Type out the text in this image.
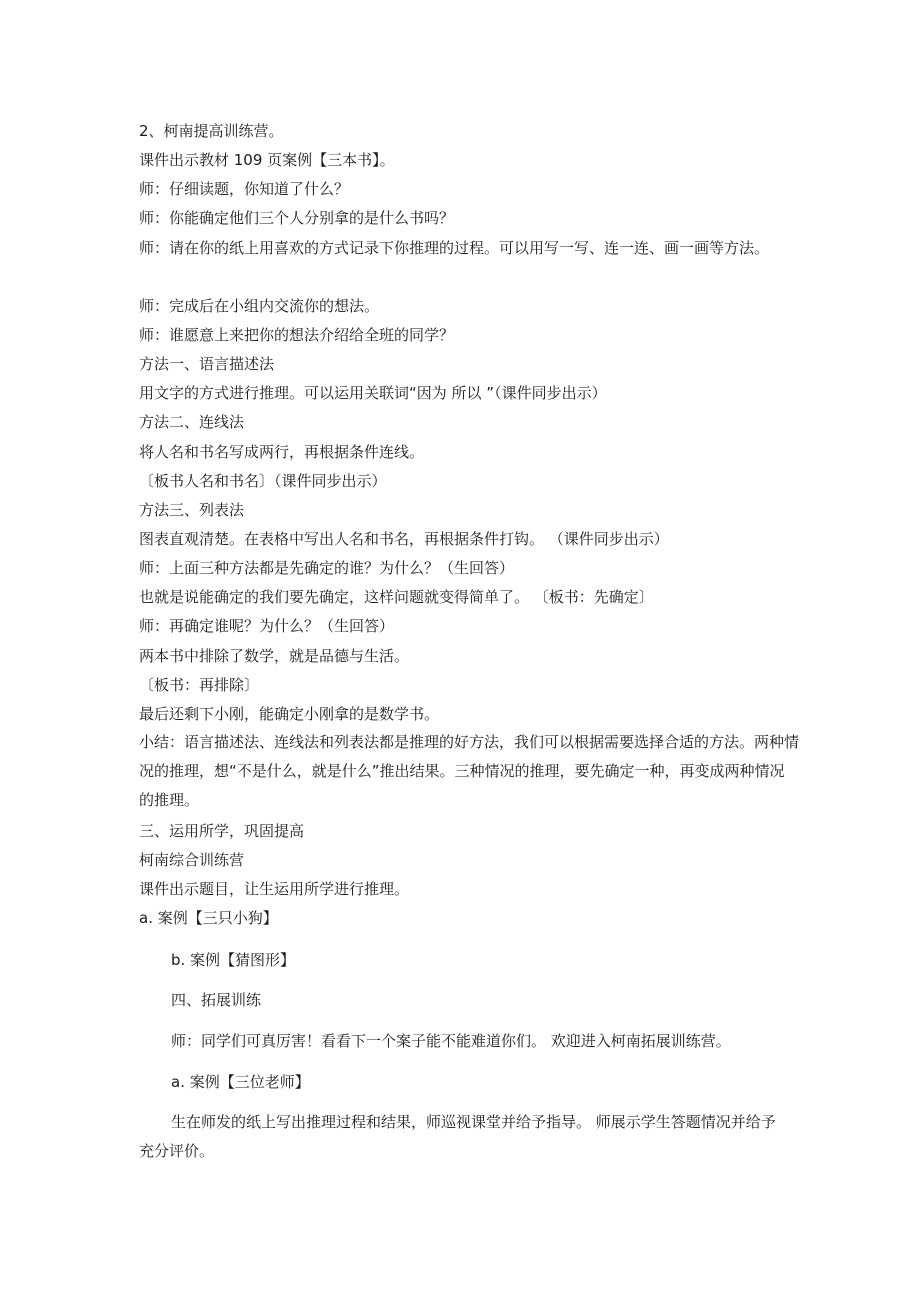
2、柯南提高训练营。
课件出示教材 109 页案例【三本书】。
师：仔细读题，你知道了什么？
师：你能确定他们三个人分别拿的是什么书吗？
师：请在你的纸上用喜欢的方式记录下你推理的过程。可以用写一写、连一连、画一画等方法。
师：完成后在小组内交流你的想法。
师：谁愿意上来把你的想法介绍给全班的同学？
方法一、语言描述法
用文字的方式进行推理。可以运用关联词“因为 所以 ”（课件同步出示）
方法二、连线法
将人名和书名写成两行，再根据条件连线。
〔板书人名和书名〕（课件同步出示）
方法三、列表法
图表直观清楚。在表格中写出人名和书名，再根据条件打钩。 （课件同步出示）
师：上面三种方法都是先确定的谁？为什么？（生回答）
也就是说能确定的我们要先确定，这样问题就变得简单了。 〔板书：先确定〕
师：再确定谁呢？为什么？（生回答）
两本书中排除了数学，就是品德与生活。
〔板书：再排除〕
最后还剩下小刚，能确定小刚拿的是数学书。
小结：语言描述法、连线法和列表法都是推理的好方法，我们可以根据需要选择合适的方法。两种情况的推理，想“不是什么，就是什么”推出结果。三种情况的推理，要先确定一种，再变成两种情况的推理。
三、运用所学，巩固提高
柯南综合训练营
课件出示题目，让生运用所学进行推理。
a. 案例【三只小狗】
b. 案例【猜图形】
四、拓展训练
师：同学们可真厉害！看看下一个案子能不能难道你们。 欢迎进入柯南拓展训练营。
a. 案例【三位老师】
生在师发的纸上写出推理过程和结果，师巡视课堂并给予指导。 师展示学生答题情况并给予充分评价。
